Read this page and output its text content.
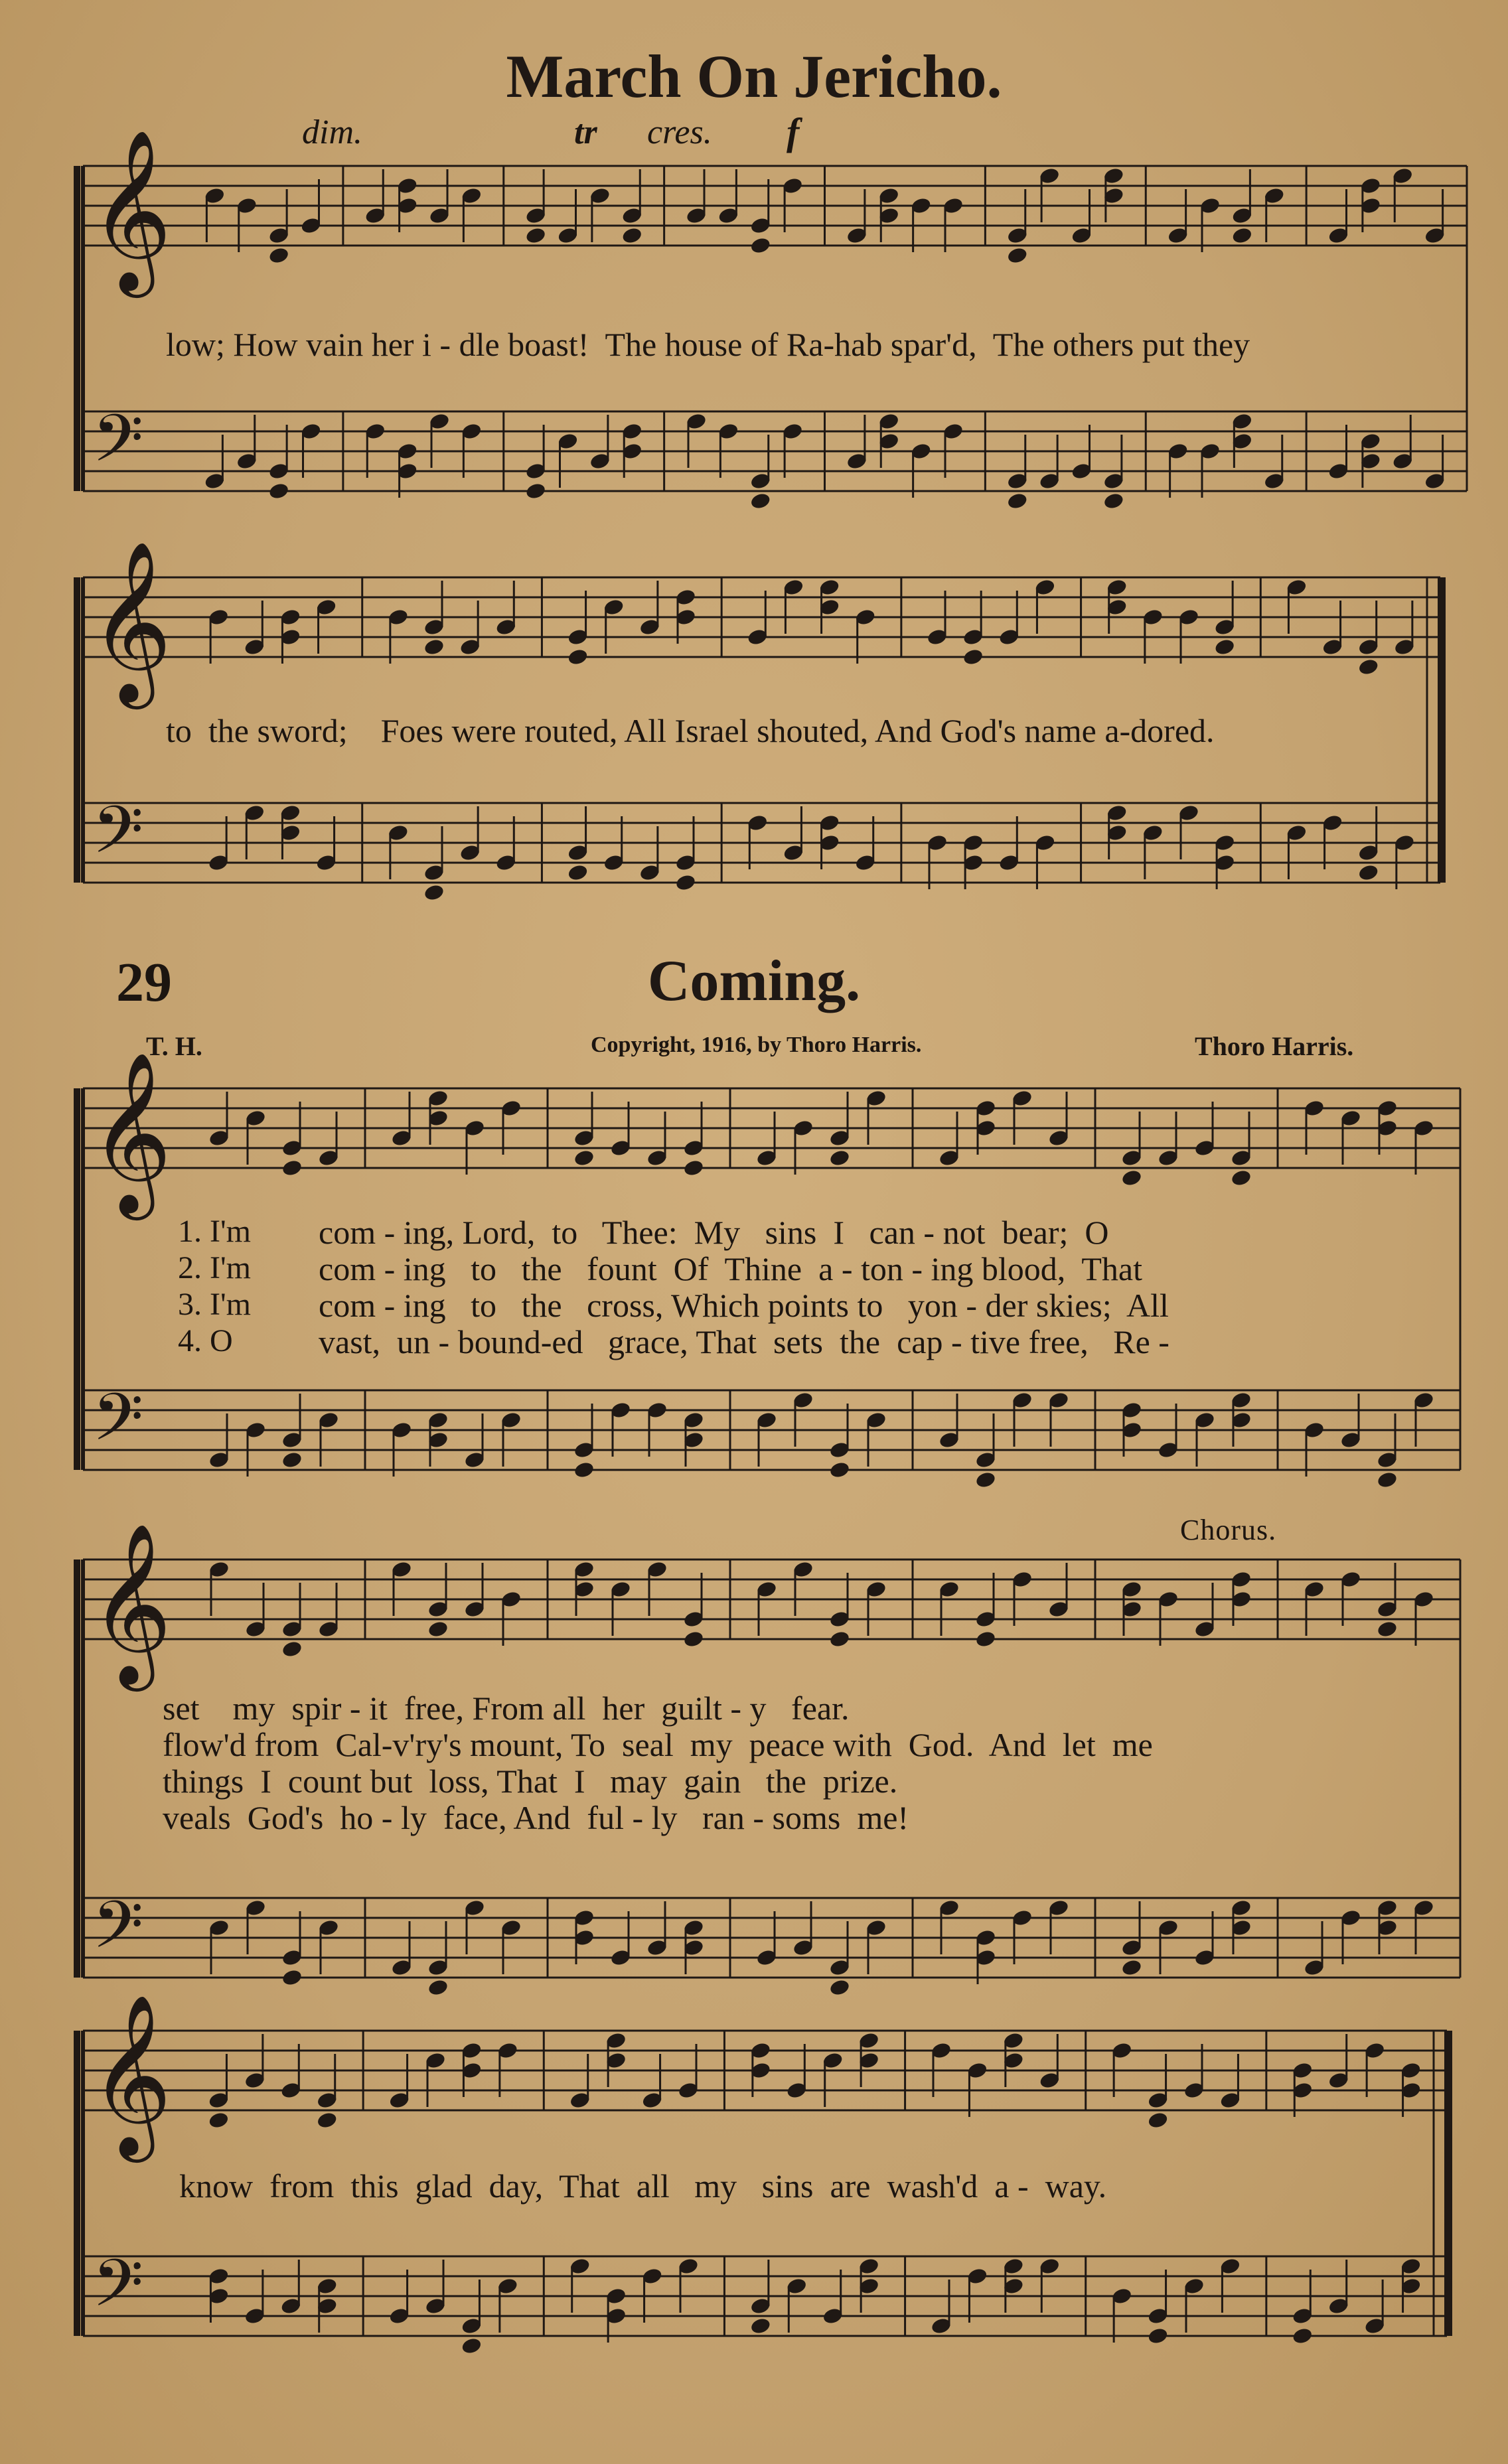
𝄞
𝄢
𝄞
𝄢
𝄞
𝄢
𝄞
𝄢
𝄞
𝄢
March On Jericho.
dim.	tr cres. f
low; How vain her i - dle boast!  The house of Ra-hab spar'd,  The others put they
to  the sword;    Foes were routed, All Israel shouted, And God's name a-dored.
29	Coming.
T. H.	Copyright, 1916, by Thoro Harris.	Thoro Harris.
1. I'm com - ing, Lord,  to   Thee:  My   sins  I   can - not  bear;  O
2. I'm com - ing   to   the   fount  Of  Thine  a - ton - ing blood,  That
3. I'm com - ing   to   the   cross, Which points to   yon - der skies;  All
4. O	vast,  un - bound-ed   grace, That  sets  the  cap - tive free,   Re -
Chorus.
set    my  spir - it  free, From all  her  guilt - y   fear.
flow'd from  Cal-v'ry's mount, To  seal  my  peace with  God.  And  let  me
things  I  count but  loss, That  I   may  gain   the  prize.
veals  God's  ho - ly  face, And  ful - ly   ran - soms  me!
know  from  this  glad  day,  That  all   my   sins  are  wash'd  a -  way.
